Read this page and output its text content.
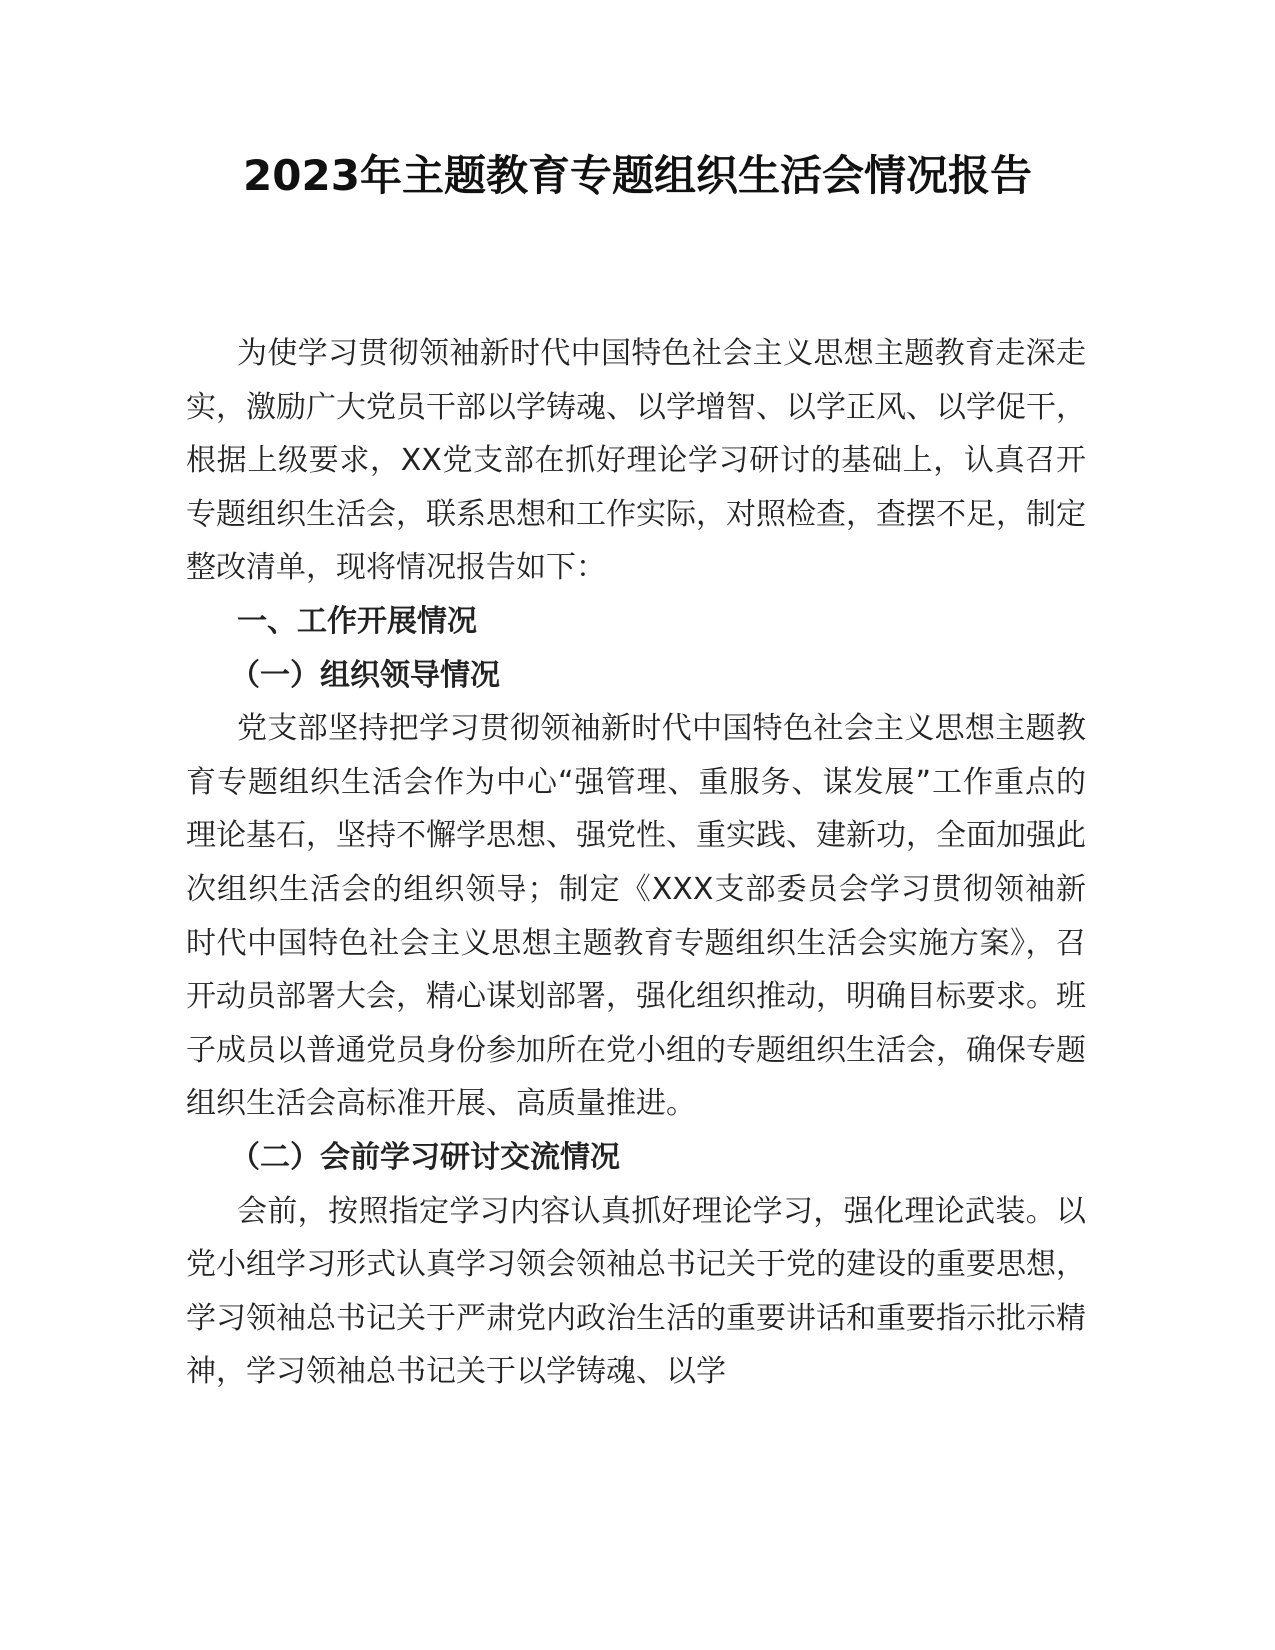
2023年主题教育专题组织生活会情况报告

为使学习贯彻领袖新时代中国特色社会主义思想主题教育走深走实，激励广大党员干部以学铸魂、以学增智、以学正风、以学促干，根据上级要求，XX党支部在抓好理论学习研讨的基础上，认真召开专题组织生活会，联系思想和工作实际，对照检查，查摆不足，制定整改清单，现将情况报告如下：

一、工作开展情况

（一）组织领导情况

党支部坚持把学习贯彻领袖新时代中国特色社会主义思想主题教育专题组织生活会作为中心“强管理、重服务、谋发展”工作重点的理论基石，坚持不懈学思想、强党性、重实践、建新功，全面加强此次组织生活会的组织领导；制定《XXX支部委员会学习贯彻领袖新时代中国特色社会主义思想主题教育专题组织生活会实施方案》，召开动员部署大会，精心谋划部署，强化组织推动，明确目标要求。班子成员以普通党员身份参加所在党小组的专题组织生活会，确保专题组织生活会高标准开展、高质量推进。

（二）会前学习研讨交流情况

会前，按照指定学习内容认真抓好理论学习，强化理论武装。以党小组学习形式认真学习领会领袖总书记关于党的建设的重要思想，学习领袖总书记关于严肃党内政治生活的重要讲话和重要指示批示精神，学习领袖总书记关于以学铸魂、以学
